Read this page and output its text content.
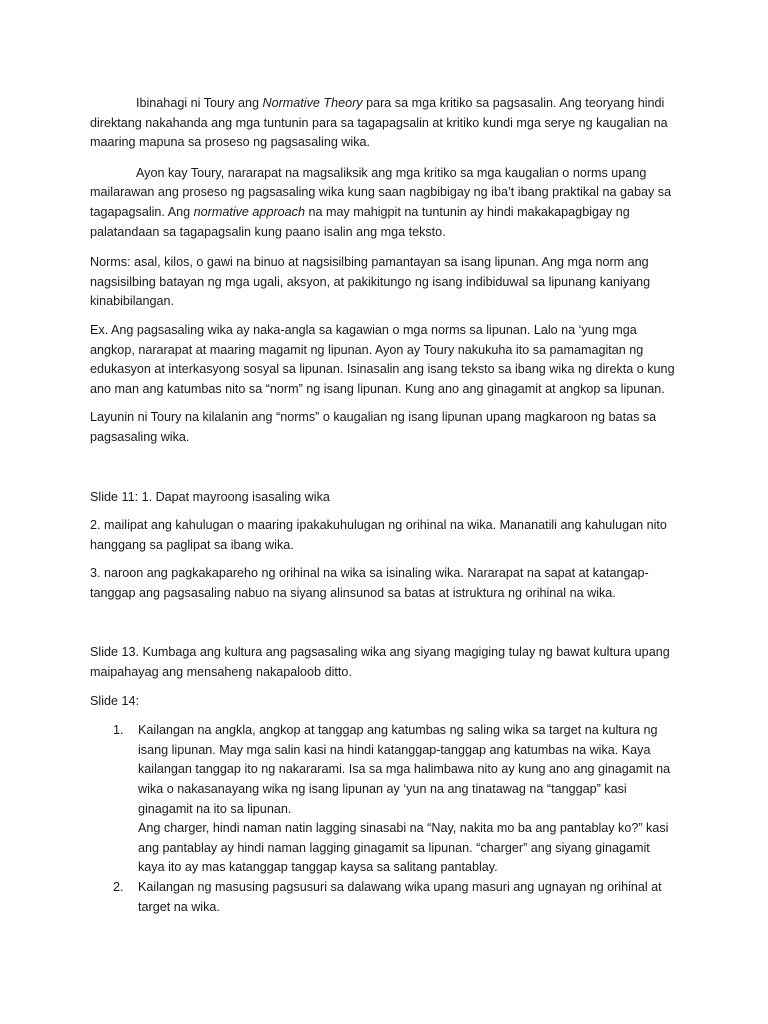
Ibinahagi ni Toury ang Normative Theory para sa mga kritiko sa pagsasalin. Ang teoryang hindi direktang nakahanda ang mga tuntunin para sa tagapagsalin at kritiko kundi mga serye ng kaugalian na maaring mapuna sa proseso ng pagsasaling wika.

Ayon kay Toury, nararapat na magsaliksik ang mga kritiko sa mga kaugalian o norms upang mailarawan ang proseso ng pagsasaling wika kung saan nagbibigay ng iba’t ibang praktikal na gabay sa tagapagsalin. Ang normative approach na may mahigpit na tuntunin ay hindi makakapagbigay ng palatandaan sa tagapagsalin kung paano isalin ang mga teksto.

Norms: asal, kilos, o gawi na binuo at nagsisilbing pamantayan sa isang lipunan. Ang mga norm ang nagsisilbing batayan ng mga ugali, aksyon, at pakikitungo ng isang indibiduwal sa lipunang kaniyang kinabibilangan.

Ex. Ang pagsasaling wika ay naka-angla sa kagawian o mga norms sa lipunan. Lalo na ‘yung mga angkop, nararapat at maaring magamit ng lipunan. Ayon ay Toury nakukuha ito sa pamamagitan ng edukasyon at interkasyong sosyal sa lipunan. Isinasalin ang isang teksto sa ibang wika ng direkta o kung ano man ang katumbas nito sa “norm” ng isang lipunan. Kung ano ang ginagamit at angkop sa lipunan.

Layunin ni Toury na kilalanin ang “norms” o kaugalian ng isang lipunan upang magkaroon ng batas sa pagsasaling wika.

Slide 11: 1. Dapat mayroong isasaling wika

2. mailipat ang kahulugan o maaring ipakakuhulugan ng orihinal na wika. Mananatili ang kahulugan nito hanggang sa paglipat sa ibang wika.

3. naroon ang pagkakapareho ng orihinal na wika sa isinaling wika. Nararapat na sapat at katangap-tanggap ang pagsasaling nabuo na siyang alinsunod sa batas at istruktura ng orihinal na wika.

Slide 13. Kumbaga ang kultura ang pagsasaling wika ang siyang magiging tulay ng bawat kultura upang maipahayag ang mensaheng nakapaloob ditto.

Slide 14:

1. Kailangan na angkla, angkop at tanggap ang katumbas ng saling wika sa target na kultura ng isang lipunan. May mga salin kasi na hindi katanggap-tanggap ang katumbas na wika. Kaya kailangan tanggap ito ng nakararami. Isa sa mga halimbawa nito ay kung ano ang ginagamit na wika o nakasanayang wika ng isang lipunan ay ‘yun na ang tinatawag na “tanggap” kasi ginagamit na ito sa lipunan.
Ang charger, hindi naman natin lagging sinasabi na “Nay, nakita mo ba ang pantablay ko?” kasi ang pantablay ay hindi naman lagging ginagamit sa lipunan. “charger” ang siyang ginagamit kaya ito ay mas katanggap tanggap kaysa sa salitang pantablay.
2. Kailangan ng masusing pagsusuri sa dalawang wika upang masuri ang ugnayan ng orihinal at target na wika.
